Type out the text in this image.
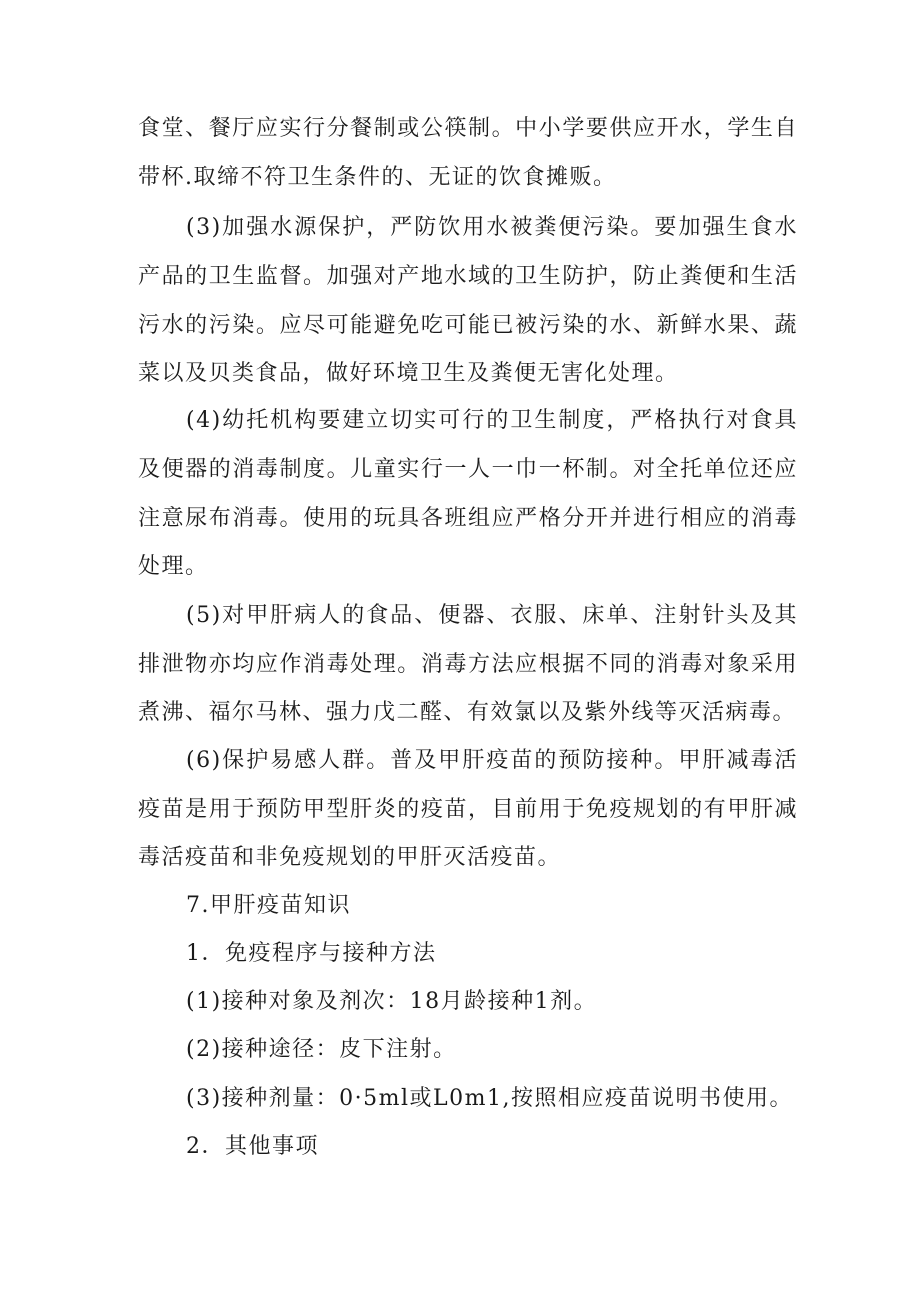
食堂、餐厅应实行分餐制或公筷制。中小学要供应开水，学生自
带杯.取缔不符卫生条件的、无证的饮食摊贩。
(3)加强水源保护，严防饮用水被粪便污染。要加强生食水
产品的卫生监督。加强对产地水域的卫生防护，防止粪便和生活
污水的污染。应尽可能避免吃可能已被污染的水、新鲜水果、蔬
菜以及贝类食品，做好环境卫生及粪便无害化处理。
(4)幼托机构要建立切实可行的卫生制度，严格执行对食具
及便器的消毒制度。儿童实行一人一巾一杯制。对全托单位还应
注意尿布消毒。使用的玩具各班组应严格分开并进行相应的消毒
处理。
(5)对甲肝病人的食品、便器、衣服、床单、注射针头及其
排泄物亦均应作消毒处理。消毒方法应根据不同的消毒对象采用
煮沸、福尔马林、强力戊二醛、有效氯以及紫外线等灭活病毒。
(6)保护易感人群。普及甲肝疫苗的预防接种。甲肝减毒活
疫苗是用于预防甲型肝炎的疫苗，目前用于免疫规划的有甲肝减
毒活疫苗和非免疫规划的甲肝灭活疫苗。
7.甲肝疫苗知识
1．免疫程序与接种方法
(1)接种对象及剂次：18月龄接种1剂。
(2)接种途径：皮下注射。
(3)接种剂量：0·5ml或L0m1,按照相应疫苗说明书使用。
2．其他事项
